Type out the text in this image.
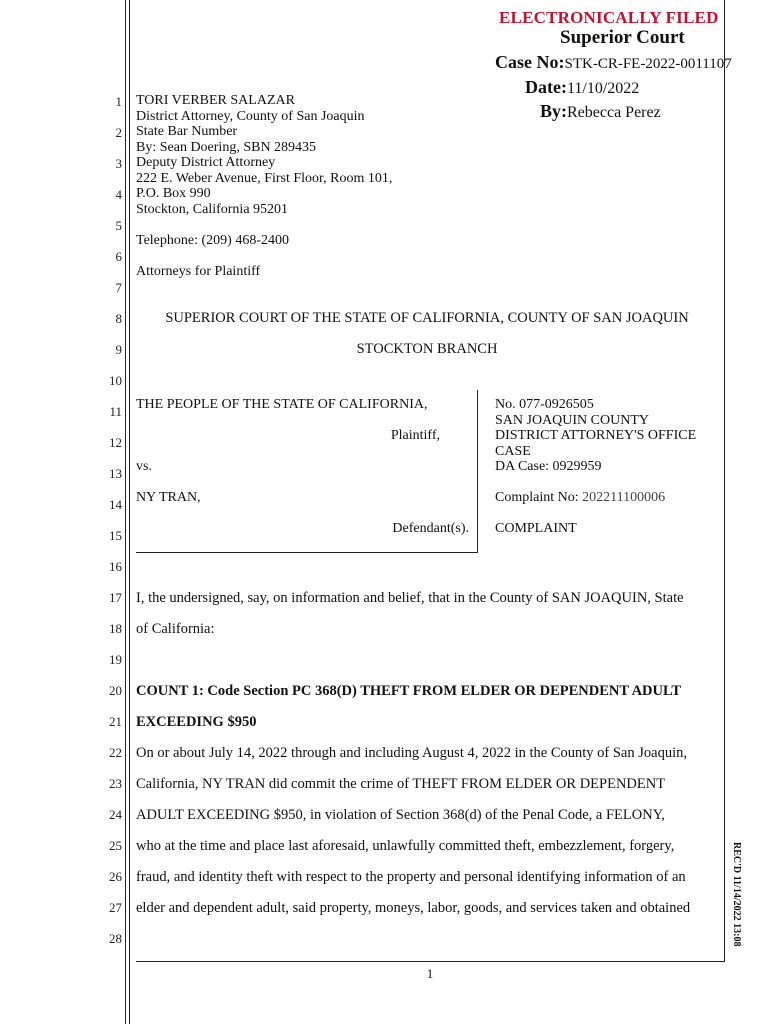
ELECTRONICALLY FILED
Superior Court
Case No:STK-CR-FE-2022-0011107
Date:11/10/2022
By:Rebecca Perez
1
2
3
4
5
6
7
8
9
10
11
12
13
14
15
16
17
18
19
20
21
22
23
24
25
26
27
28
TORI VERBER SALAZAR
District Attorney, County of San Joaquin
State Bar Number
By: Sean Doering, SBN 289435
Deputy District Attorney
222 E. Weber Avenue, First Floor, Room 101,
P.O. Box 990
Stockton, California 95201
Telephone: (209) 468-2400
Attorneys for Plaintiff
SUPERIOR COURT OF THE STATE OF CALIFORNIA, COUNTY OF SAN JOAQUIN
STOCKTON BRANCH
THE PEOPLE OF THE STATE OF CALIFORNIA,
Plaintiff,
vs.
NY TRAN,
Defendant(s).
No. 077-0926505
SAN JOAQUIN COUNTY
DISTRICT ATTORNEY'S OFFICE
CASE
DA Case: 0929959
Complaint No: 202211100006
COMPLAINT
I, the undersigned, say, on information and belief, that in the County of SAN JOAQUIN, State
of California:
COUNT 1: Code Section PC 368(D) THEFT FROM ELDER OR DEPENDENT ADULT
EXCEEDING $950
On or about July 14, 2022 through and including August 4, 2022 in the County of San Joaquin,
California, NY TRAN did commit the crime of THEFT FROM ELDER OR DEPENDENT
ADULT EXCEEDING $950, in violation of Section 368(d) of the Penal Code, a FELONY,
who at the time and place last aforesaid, unlawfully committed theft, embezzlement, forgery,
fraud, and identity theft with respect to the property and personal identifying information of an
elder and dependent adult, said property, moneys, labor, goods, and services taken and obtained
1
REC'D 11/14/2022 13:08
